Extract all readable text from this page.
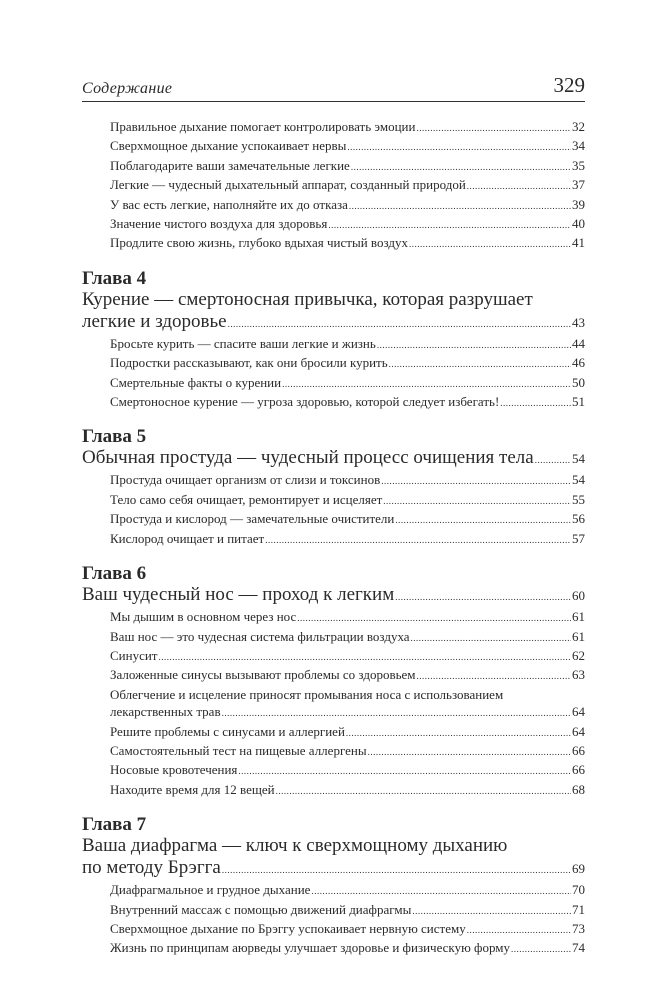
Содержание	329
Правильное дыхание помогает контролировать эмоции .....	32
Сверхмощное дыхание успокаивает нервы .....	34
Поблагодарите ваши замечательные легкие .....	35
Легкие — чудесный дыхательный аппарат, созданный природой .....	37
У вас есть легкие, наполняйте их до отказа .....	39
Значение чистого воздуха для здоровья .....	40
Продлите свою жизнь, глубоко вдыхая чистый воздух .....	41
Глава 4
Курение — смертоносная привычка, которая разрушает
легкие и здоровье .....	43
Бросьте курить — спасите ваши легкие и жизнь .....	44
Подростки рассказывают, как они бросили курить .....	46
Смертельные факты о курении .....	50
Смертоносное курение — угроза здоровью, которой следует избегать! .....	51
Глава 5
Обычная простуда — чудесный процесс очищения тела .....	54
Простуда очищает организм от слизи и токсинов .....	54
Тело само себя очищает, ремонтирует и исцеляет .....	55
Простуда и кислород — замечательные очистители .....	56
Кислород очищает и питает .....	57
Глава 6
Ваш чудесный нос — проход к легким .....	60
Мы дышим в основном через нос .....	61
Ваш нос — это чудесная система фильтрации воздуха .....	61
Синусит .....	62
Заложенные синусы вызывают проблемы со здоровьем .....	63
Облегчение и исцеление приносят промывания носа с использованием
лекарственных трав .....	64
Решите проблемы с синусами и аллергией .....	64
Самостоятельный тест на пищевые аллергены .....	66
Носовые кровотечения .....	66
Находите время для 12 вещей .....	68
Глава 7
Ваша диафрагма — ключ к сверхмощному дыханию
по методу Брэгга .....	69
Диафрагмальное и грудное дыхание .....	70
Внутренний массаж с помощью движений диафрагмы .....	71
Сверхмощное дыхание по Брэггу успокаивает нервную систему .....	73
Жизнь по принципам аюрведы улучшает здоровье и физическую форму .....	74
